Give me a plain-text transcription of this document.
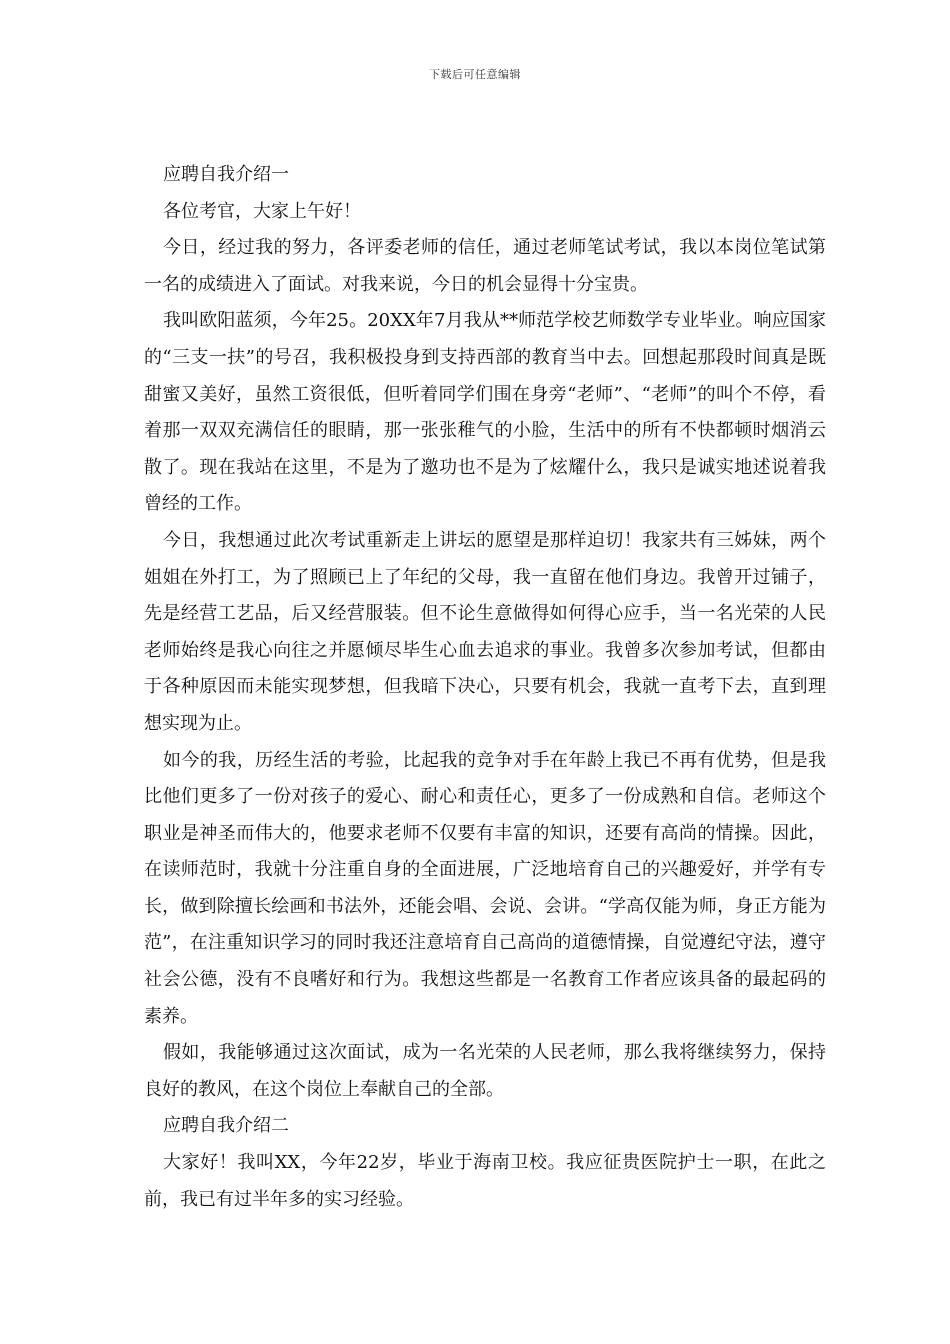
下载后可任意编辑

应聘自我介绍一

各位考官，大家上午好！

今日，经过我的努力，各评委老师的信任，通过老师笔试考试，我以本岗位笔试第一名的成绩进入了面试。对我来说，今日的机会显得十分宝贵。

我叫欧阳蓝须，今年25。20XX年7月我从**师范学校艺师数学专业毕业。响应国家的“三支一扶”的号召，我积极投身到支持西部的教育当中去。回想起那段时间真是既甜蜜又美好，虽然工资很低，但听着同学们围在身旁“老师”、“老师”的叫个不停，看着那一双双充满信任的眼睛，那一张张稚气的小脸，生活中的所有不快都顿时烟消云散了。现在我站在这里，不是为了邀功也不是为了炫耀什么，我只是诚实地述说着我曾经的工作。

今日，我想通过此次考试重新走上讲坛的愿望是那样迫切！我家共有三姊妹，两个姐姐在外打工，为了照顾已上了年纪的父母，我一直留在他们身边。我曾开过铺子，先是经营工艺品，后又经营服装。但不论生意做得如何得心应手，当一名光荣的人民老师始终是我心向往之并愿倾尽毕生心血去追求的事业。我曾多次参加考试，但都由于各种原因而未能实现梦想，但我暗下决心，只要有机会，我就一直考下去，直到理想实现为止。

如今的我，历经生活的考验，比起我的竞争对手在年龄上我已不再有优势，但是我比他们更多了一份对孩子的爱心、耐心和责任心，更多了一份成熟和自信。老师这个职业是神圣而伟大的，他要求老师不仅要有丰富的知识，还要有高尚的情操。因此，在读师范时，我就十分注重自身的全面进展，广泛地培育自己的兴趣爱好，并学有专长，做到除擅长绘画和书法外，还能会唱、会说、会讲。“学高仅能为师，身正方能为范”，在注重知识学习的同时我还注意培育自己高尚的道德情操，自觉遵纪守法，遵守社会公德，没有不良嗜好和行为。我想这些都是一名教育工作者应该具备的最起码的素养。

假如，我能够通过这次面试，成为一名光荣的人民老师，那么我将继续努力，保持良好的教风，在这个岗位上奉献自己的全部。

应聘自我介绍二

大家好！我叫XX，今年22岁，毕业于海南卫校。我应征贵医院护士一职，在此之前，我已有过半年多的实习经验。
